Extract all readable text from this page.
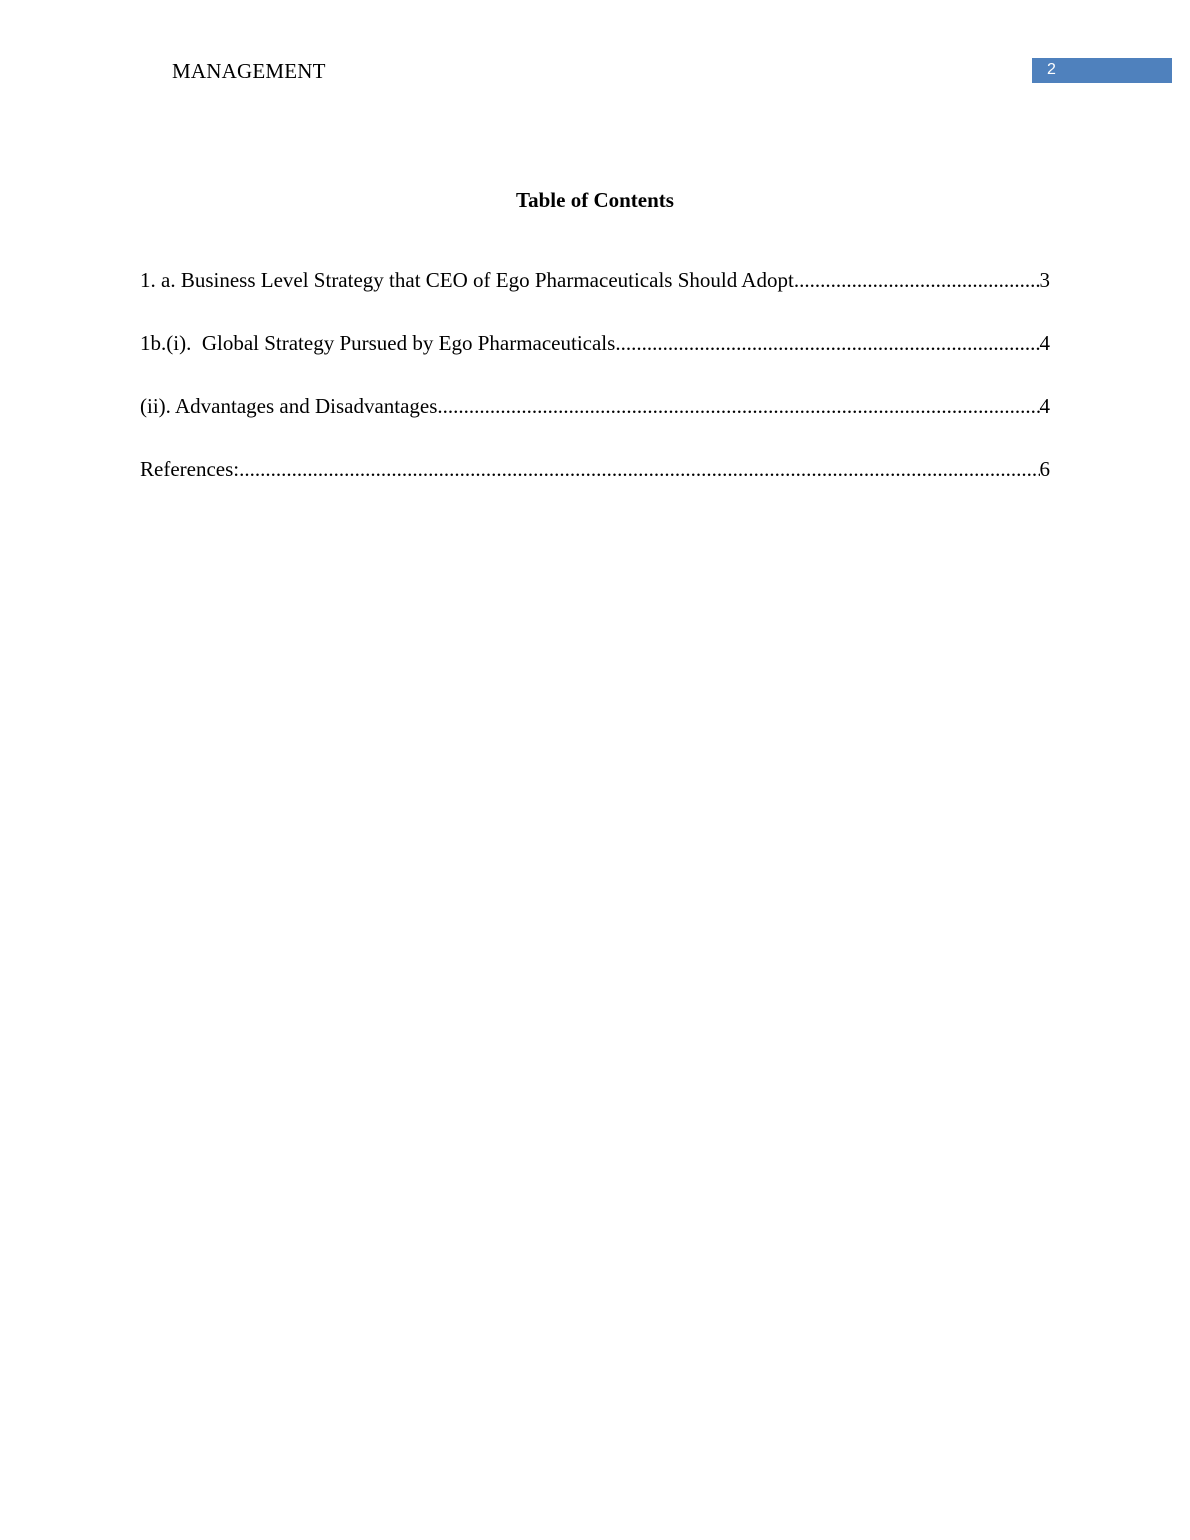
MANAGEMENT	2
Table of Contents
1. a. Business Level Strategy that CEO of Ego Pharmaceuticals Should Adopt .....	3
1b.(i).  Global Strategy Pursued by Ego Pharmaceuticals .....	4
(ii). Advantages and Disadvantages .....	4
References: .....	6
